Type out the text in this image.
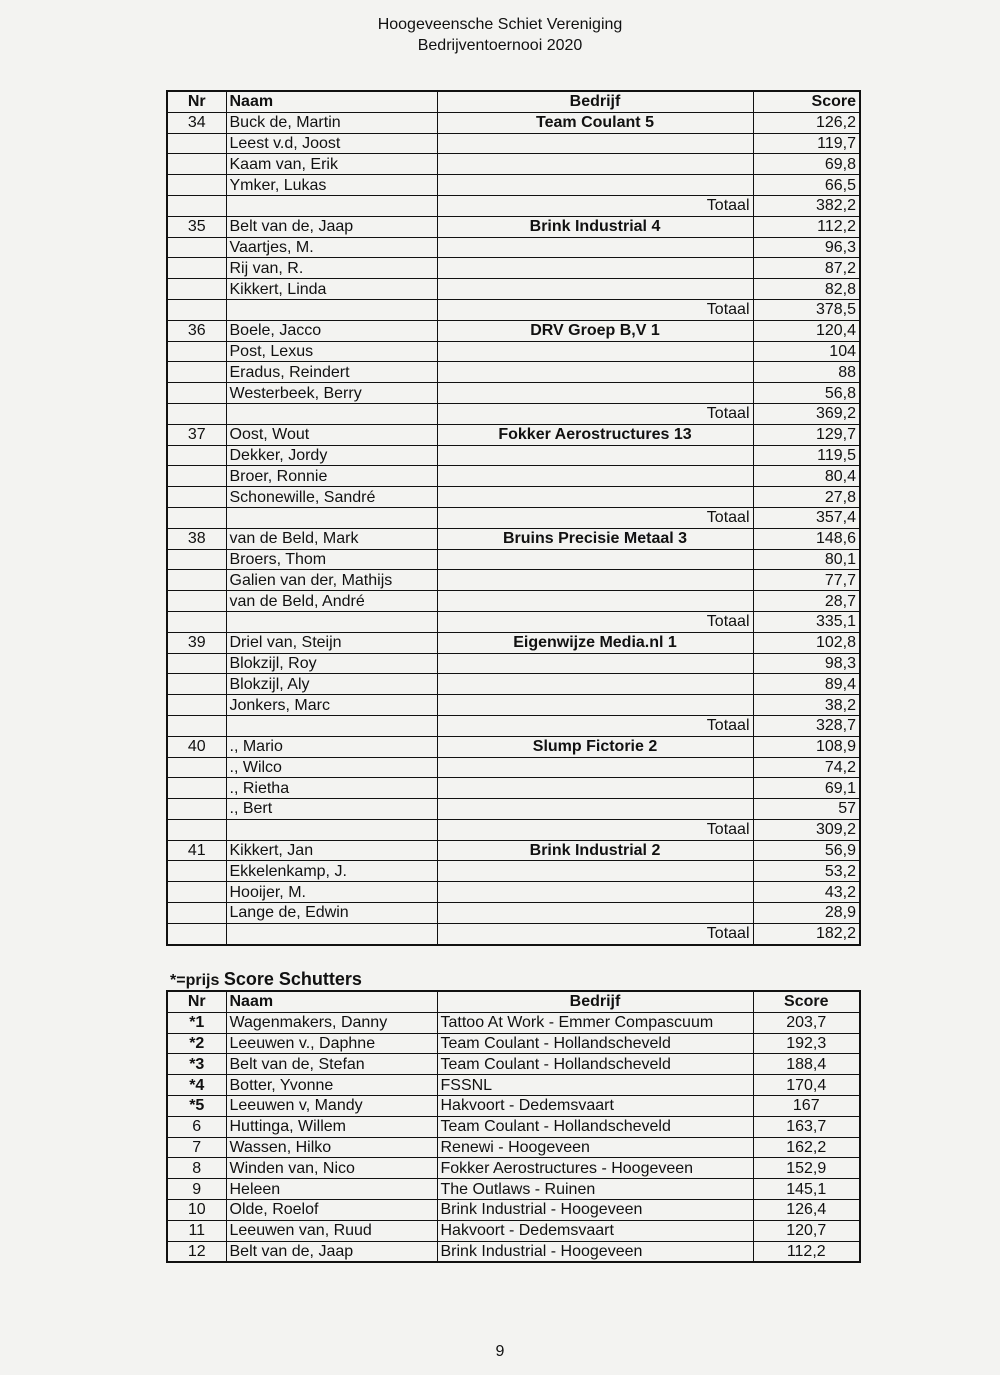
Hoogeveensche Schiet Vereniging
Bedrijventoernooi 2020
Nr	Naam	Bedrijf	Score
34	Buck de, Martin	Team Coulant 5	126,2
	Leest v.d, Joost		119,7
	Kaam van, Erik		69,8
	Ymker, Lukas		66,5
		Totaal	382,2
35	Belt van de, Jaap	Brink Industrial 4	112,2
	Vaartjes, M.		96,3
	Rij van, R.		87,2
	Kikkert, Linda		82,8
		Totaal	378,5
36	Boele, Jacco	DRV Groep B,V 1	120,4
	Post, Lexus		104
	Eradus, Reindert		88
	Westerbeek, Berry		56,8
		Totaal	369,2
37	Oost, Wout	Fokker Aerostructures 13	129,7
	Dekker, Jordy		119,5
	Broer, Ronnie		80,4
	Schonewille, Sandré		27,8
		Totaal	357,4
38	van de Beld, Mark	Bruins Precisie Metaal 3	148,6
	Broers, Thom		80,1
	Galien van der, Mathijs		77,7
	van de Beld, André		28,7
		Totaal	335,1
39	Driel van, Steijn	Eigenwijze Media.nl 1	102,8
	Blokzijl, Roy		98,3
	Blokzijl, Aly		89,4
	Jonkers, Marc		38,2
		Totaal	328,7
40	., Mario	Slump Fictorie 2	108,9
	., Wilco		74,2
	., Rietha		69,1
	., Bert		57
		Totaal	309,2
41	Kikkert, Jan	Brink Industrial 2	56,9
	Ekkelenkamp, J.		53,2
	Hooijer, M.		43,2
	Lange de, Edwin		28,9
		Totaal	182,2
*=prijs Score Schutters
Nr	Naam	Bedrijf	Score
*1	Wagenmakers, Danny	Tattoo At Work - Emmer Compascuum	203,7
*2	Leeuwen v., Daphne	Team Coulant - Hollandscheveld	192,3
*3	Belt van de, Stefan	Team Coulant - Hollandscheveld	188,4
*4	Botter, Yvonne	FSSNL	170,4
*5	Leeuwen v, Mandy	Hakvoort - Dedemsvaart	167
6	Huttinga, Willem	Team Coulant - Hollandscheveld	163,7
7	Wassen, Hilko	Renewi - Hoogeveen	162,2
8	Winden van, Nico	Fokker Aerostructures - Hoogeveen	152,9
9	Heleen	The Outlaws - Ruinen	145,1
10	Olde, Roelof	Brink Industrial - Hoogeveen	126,4
11	Leeuwen van, Ruud	Hakvoort - Dedemsvaart	120,7
12	Belt van de, Jaap	Brink Industrial - Hoogeveen	112,2
9
